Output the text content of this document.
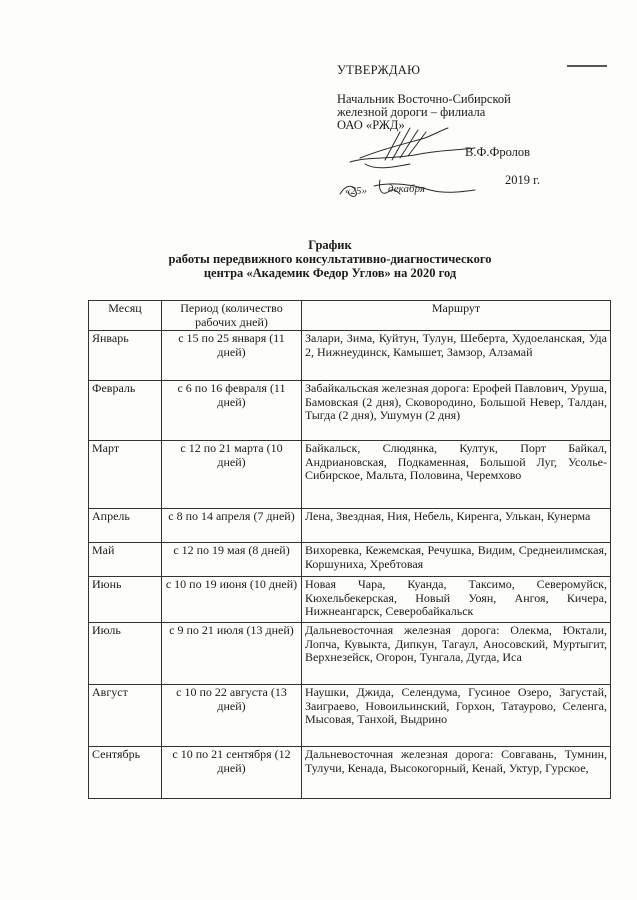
УТВЕРЖДАЮ
Начальник Восточно-Сибирской
железной дороги – филиала
ОАО «РЖД»
В.Ф.Фролов
2019 г.
«25» декабря
График
работы передвижного консультативно-диагностического
центра «Академик Федор Углов» на 2020 год
Месяц	Период (количество рабочих дней)	Маршрут
Январь	с 15 по 25 января (11 дней)	Залари, Зима, Куйтун, Тулун, Шеберта, Худоеланская, Уда 2, Нижнеудинск, Камышет, Замзор, Алзамай
Февраль	с 6 по 16 февраля (11 дней)	Забайкальская железная дорога: Ерофей Павлович, Уруша, Бамовская (2 дня), Сковородино, Большой Невер, Талдан, Тыгда (2 дня), Ушумун (2 дня)
Март	с 12 по 21 марта (10 дней)	Байкальск, Слюдянка, Култук, Порт Байкал, Андриановская, Подкаменная, Большой Луг, Усолье-Сибирское, Мальта, Половина, Черемхово
Апрель	с 8 по 14 апреля (7 дней)	Лена, Звездная, Ния, Небель, Киренга, Улькан, Кунерма
Май	с 12 по 19 мая (8 дней)	Вихоревка, Кежемская, Речушка, Видим, Среднеилимская, Коршуниха, Хребтовая
Июнь	с 10 по 19 июня (10 дней)	Новая Чара, Куанда, Таксимо, Северомуйск, Кюхельбекерская, Новый Уоян, Ангоя, Кичера, Нижнеангарск, Северобайкальск
Июль	с 9 по 21 июля (13 дней)	Дальневосточная железная дорога: Олекма, Юктали, Лопча, Кувыкта, Дипкун, Тагаул, Аносовский, Муртыгит, Верхнезейск, Огорон, Тунгала, Дугда, Иса
Август	с 10 по 22 августа (13 дней)	Наушки, Джида, Селендума, Гусиное Озеро, Загустай, Заиграево, Новоильинский, Горхон, Татаурово, Селенга, Мысовая, Танхой, Выдрино
Сентябрь	с 10 по 21 сентября (12 дней)	Дальневосточная железная дорога: Совгавань, Тумнин, Тулучи, Кенада, Высокогорный, Кенай, Уктур, Гурское,
